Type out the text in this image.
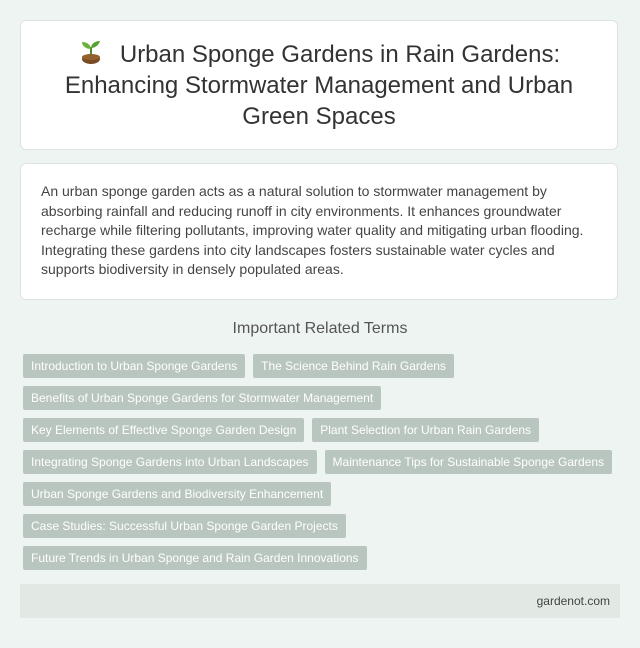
Urban Sponge Gardens in Rain Gardens: Enhancing Stormwater Management and Urban Green Spaces

An urban sponge garden acts as a natural solution to stormwater management by absorbing rainfall and reducing runoff in city environments. It enhances groundwater recharge while filtering pollutants, improving water quality and mitigating urban flooding. Integrating these gardens into city landscapes fosters sustainable water cycles and supports biodiversity in densely populated areas.

Important Related Terms
Introduction to Urban Sponge Gardens	The Science Behind Rain Gardens
Benefits of Urban Sponge Gardens for Stormwater Management
Key Elements of Effective Sponge Garden Design	Plant Selection for Urban Rain Gardens
Integrating Sponge Gardens into Urban Landscapes	Maintenance Tips for Sustainable Sponge Gardens
Urban Sponge Gardens and Biodiversity Enhancement
Case Studies: Successful Urban Sponge Garden Projects
Future Trends in Urban Sponge and Rain Garden Innovations
gardenot.com
